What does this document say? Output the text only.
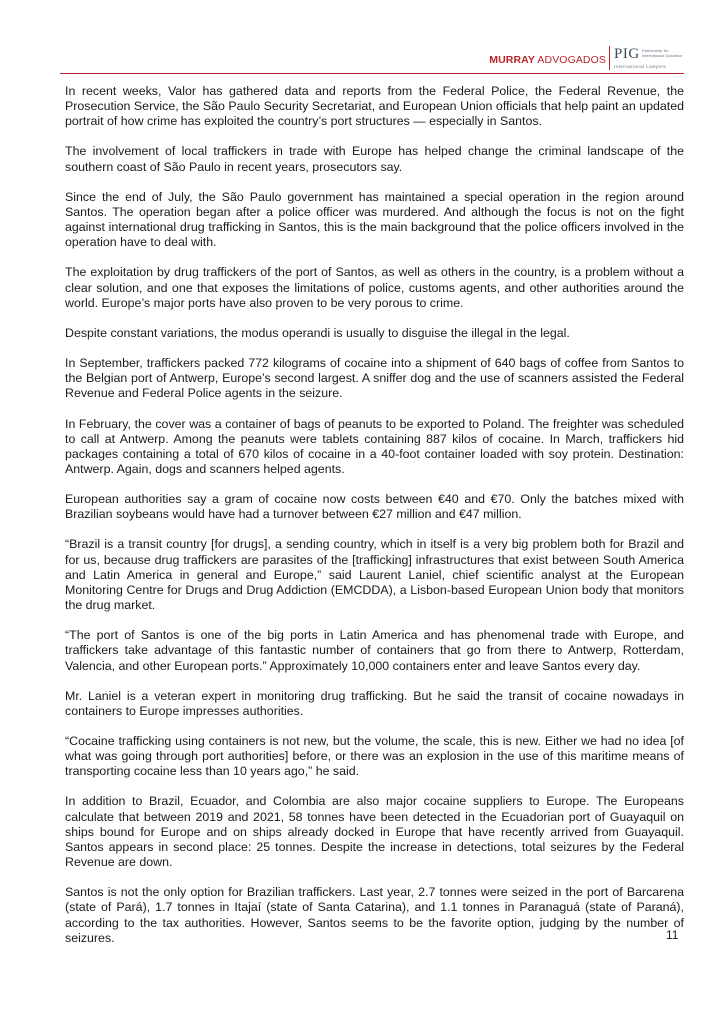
MURRAY ADVOGADOS PIG Partnership for International Guidance
International Lawyers

In recent weeks, Valor has gathered data and reports from the Federal Police, the Federal Revenue, the Prosecution Service, the São Paulo Security Secretariat, and European Union officials that help paint an updated portrait of how crime has exploited the country’s port structures — especially in Santos.

The involvement of local traffickers in trade with Europe has helped change the criminal landscape of the southern coast of São Paulo in recent years, prosecutors say.

Since the end of July, the São Paulo government has maintained a special operation in the region around Santos. The operation began after a police officer was murdered. And although the focus is not on the fight against international drug trafficking in Santos, this is the main background that the police officers involved in the operation have to deal with.

The exploitation by drug traffickers of the port of Santos, as well as others in the country, is a problem without a clear solution, and one that exposes the limitations of police, customs agents, and other authorities around the world. Europe’s major ports have also proven to be very porous to crime.

Despite constant variations, the modus operandi is usually to disguise the illegal in the legal.

In September, traffickers packed 772 kilograms of cocaine into a shipment of 640 bags of coffee from Santos to the Belgian port of Antwerp, Europe’s second largest. A sniffer dog and the use of scanners assisted the Federal Revenue and Federal Police agents in the seizure.

In February, the cover was a container of bags of peanuts to be exported to Poland. The freighter was scheduled to call at Antwerp. Among the peanuts were tablets containing 887 kilos of cocaine. In March, traffickers hid packages containing a total of 670 kilos of cocaine in a 40-foot container loaded with soy protein. Destination: Antwerp. Again, dogs and scanners helped agents.

European authorities say a gram of cocaine now costs between €40 and €70. Only the batches mixed with Brazilian soybeans would have had a turnover between €27 million and €47 million.

“Brazil is a transit country [for drugs], a sending country, which in itself is a very big problem both for Brazil and for us, because drug traffickers are parasites of the [trafficking] infrastructures that exist between South America and Latin America in general and Europe,” said Laurent Laniel, chief scientific analyst at the European Monitoring Centre for Drugs and Drug Addiction (EMCDDA), a Lisbon-based European Union body that monitors the drug market.

“The port of Santos is one of the big ports in Latin America and has phenomenal trade with Europe, and traffickers take advantage of this fantastic number of containers that go from there to Antwerp, Rotterdam, Valencia, and other European ports.” Approximately 10,000 containers enter and leave Santos every day.

Mr. Laniel is a veteran expert in monitoring drug trafficking. But he said the transit of cocaine nowadays in containers to Europe impresses authorities.

“Cocaine trafficking using containers is not new, but the volume, the scale, this is new. Either we had no idea [of what was going through port authorities] before, or there was an explosion in the use of this maritime means of transporting cocaine less than 10 years ago,” he said.

In addition to Brazil, Ecuador, and Colombia are also major cocaine suppliers to Europe. The Europeans calculate that between 2019 and 2021, 58 tonnes have been detected in the Ecuadorian port of Guayaquil on ships bound for Europe and on ships already docked in Europe that have recently arrived from Guayaquil. Santos appears in second place: 25 tonnes. Despite the increase in detections, total seizures by the Federal Revenue are down.

Santos is not the only option for Brazilian traffickers. Last year, 2.7 tonnes were seized in the port of Barcarena (state of Pará), 1.7 tonnes in Itajaí (state of Santa Catarina), and 1.1 tonnes in Paranaguá (state of Paraná), according to the tax authorities. However, Santos seems to be the favorite option, judging by the number of seizures.	11
